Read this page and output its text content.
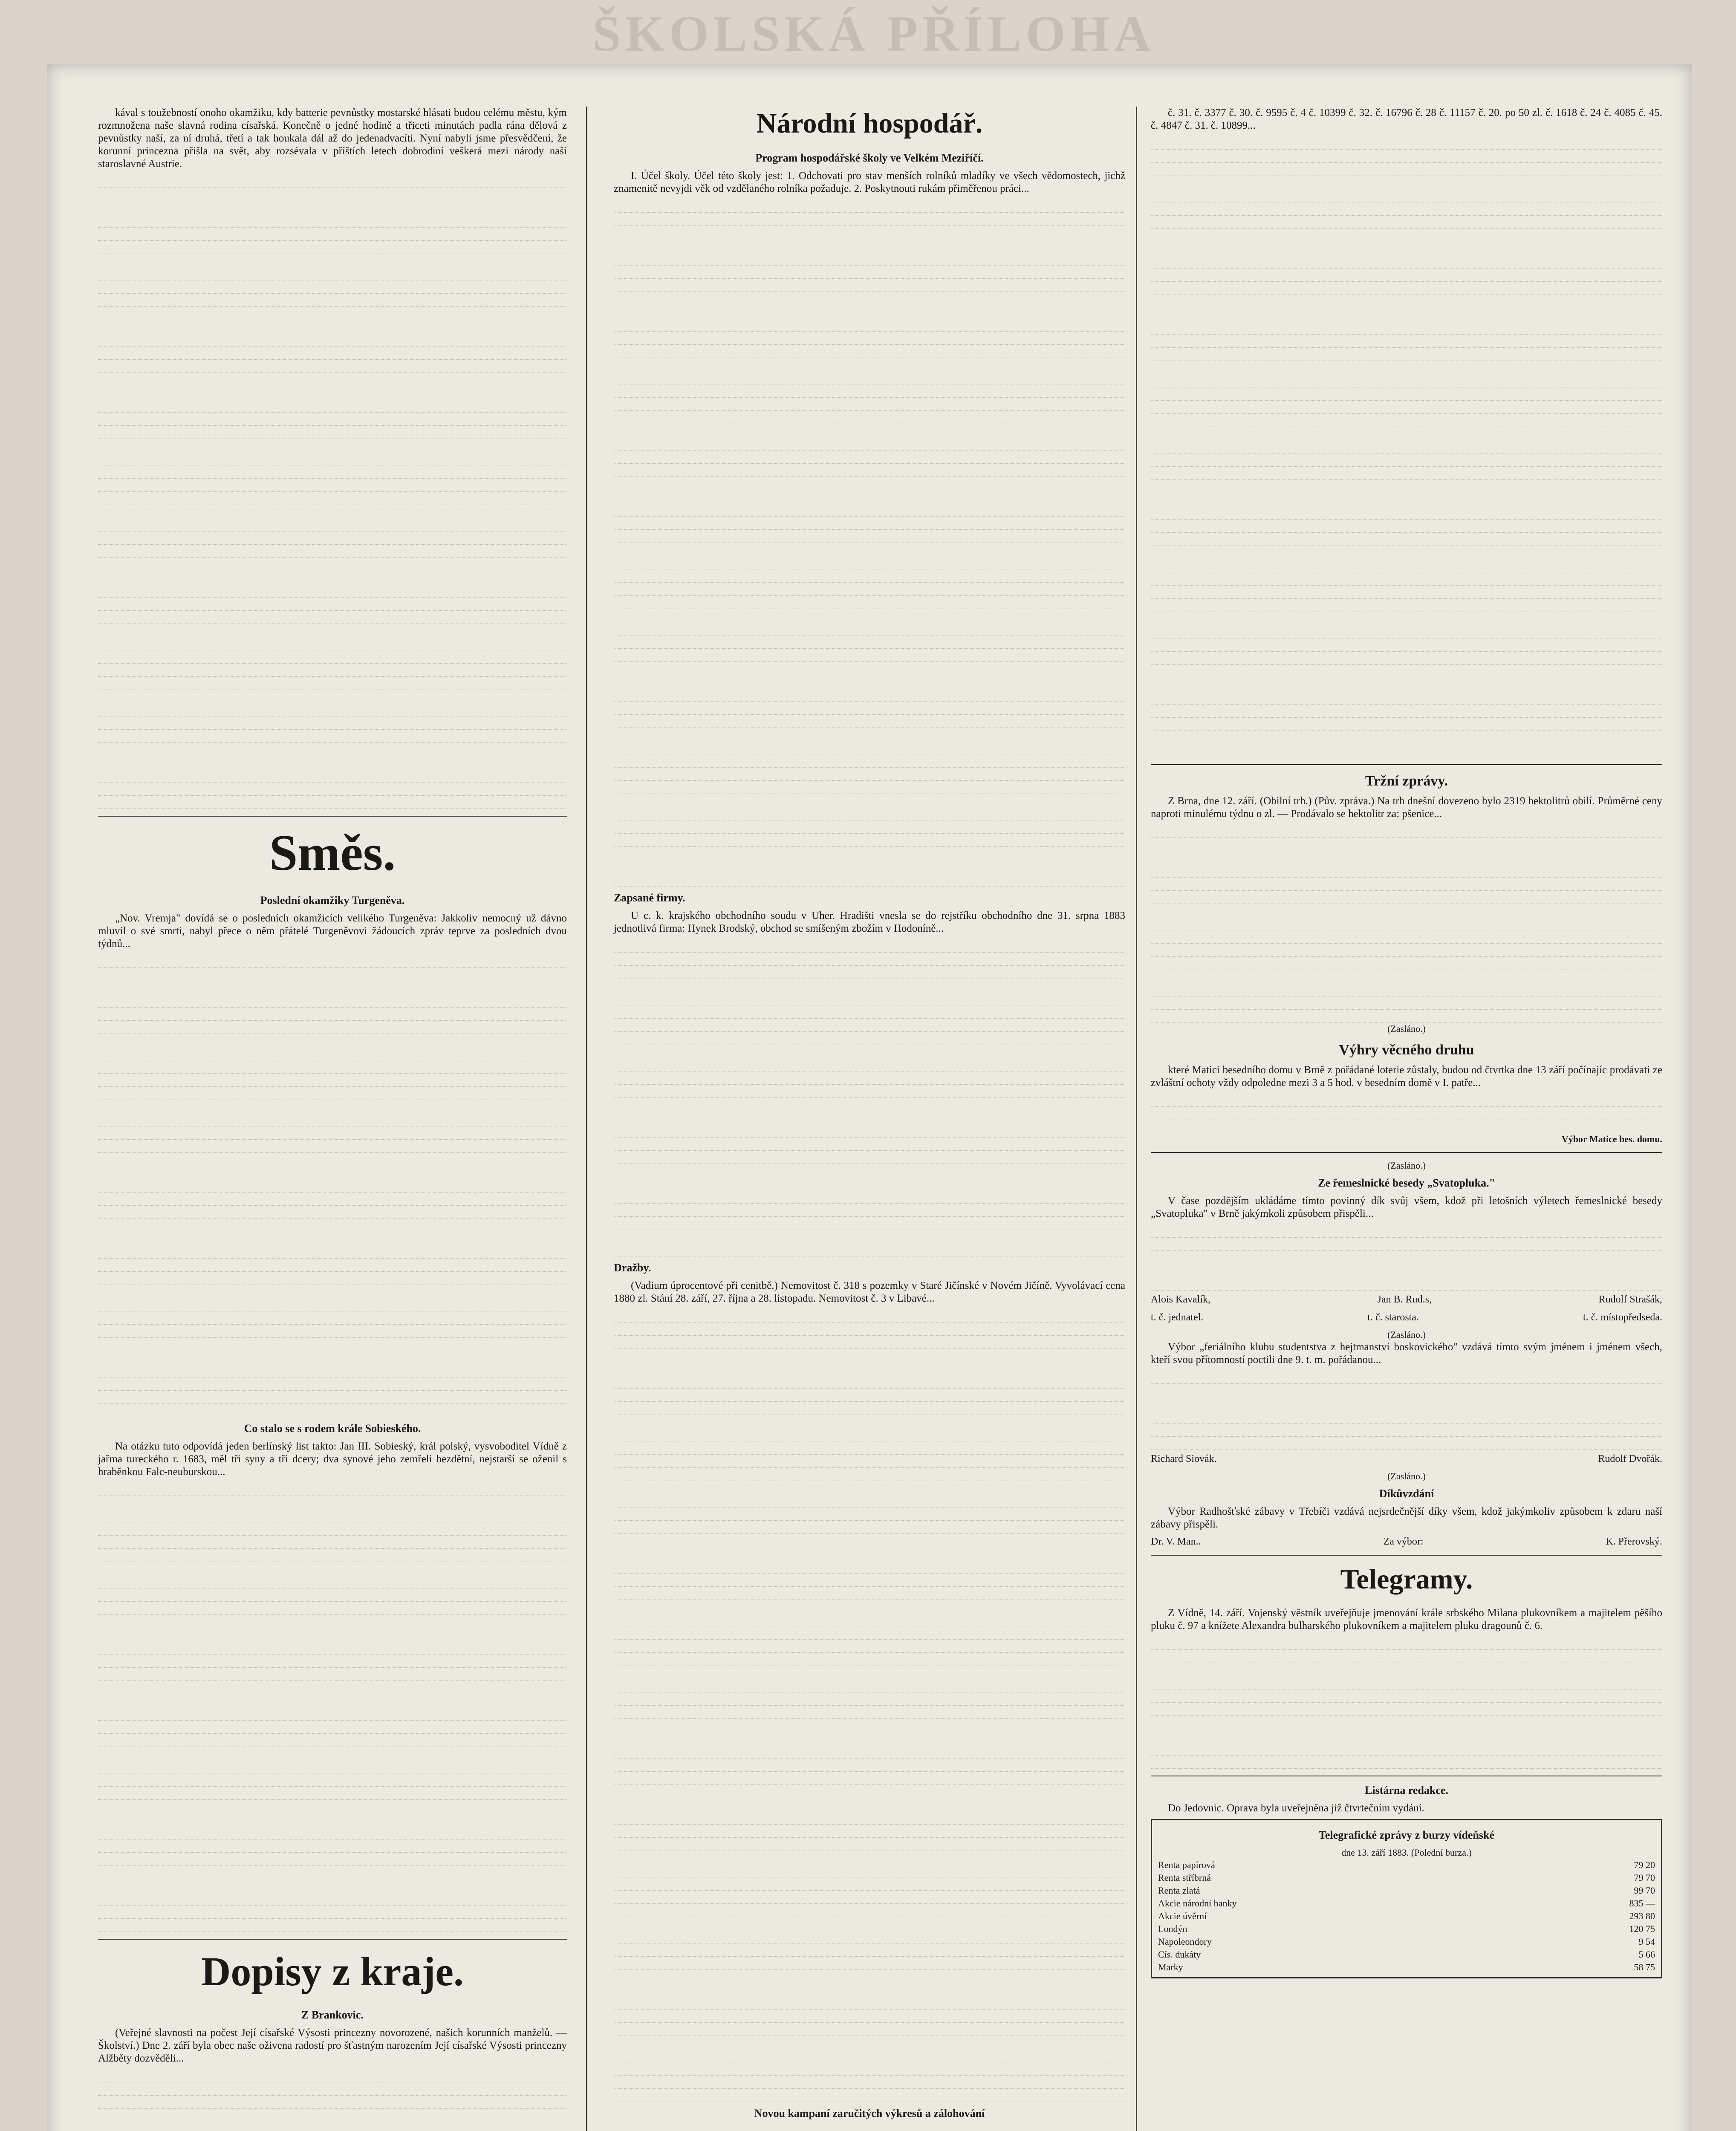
ŠKOLSKÁ PŘÍLOHA

kával s toužebností onoho okamžiku, kdy batterie pevnůstky mostarské hlásati budou celému městu, kým rozmnožena naše slavná rodina císařská. Konečně o jedné hodině a třiceti minutách padla rána dělová z pevnůstky naší, za ní druhá, třetí a tak houkala dál až do jedenadvacíti. Nyní nabyli jsme přesvědčení, že korunní princezna přišla na svět, aby rozsévala v příštích letech dobrodiní veškerá mezi národy naší staroslavné Austrie.

Směs.
Poslední okamžiky Turgeněva.

„Nov. Vremja" dovídá se o posledních okamžicích velikého Turgeněva: Jakkoliv nemocný už dávno mluvil o své smrti, nabyl přece o něm přátelé Turgeněvovi žádoucích zpráv teprve za posledních dvou týdnů...

Co stalo se s rodem krále Sobieského.

Na otázku tuto odpovídá jeden berlínský list takto: Jan III. Sobieský, král polský, vysvoboditel Vídně z jařma tureckého r. 1683, měl tři syny a tři dcery; dva synové jeho zemřeli bezdětní, nejstarší se oženil s hraběnkou Falc-neuburskou...

Dopisy z kraje.
Z Brankovic.

(Veřejné slavnosti na počest Její císařské Výsosti princezny novorozené, našich korunních manželů. — Školství.) Dne 2. září byla obec naše oživena radostí pro šťastným narozením Její císařské Výsosti princezny Alžběty dozvěděli...

Národní hospodář.
Program hospodářské školy ve Velkém Meziříčí.

I. Účel školy. Účel této školy jest: 1. Odchovati pro stav menších rolníků mladíky ve všech vědomostech, jichž znamenitě nevyjdi věk od vzdělaného rolníka požaduje. 2. Poskytnouti rukám přiměřenou práci...

Zapsané firmy.

U c. k. krajského obchodního soudu v Uher. Hradišti vnesla se do rejstříku obchodního dne 31. srpna 1883 jednotlivá firma: Hynek Brodský, obchod se smíšeným zbožím v Hodoníně...

Dražby.

(Vadium úprocentové při cenitbě.) Nemovitost č. 318 s pozemky v Staré Jičínské v Novém Jičíně. Vyvolávací cena 1880 zl. Stání 28. září, 27. října a 28. listopadu. Nemovitost č. 3 v Libavé...

Novou kampaní zaručitých výkresů a zálohování

č. 31. č. 3377 č. 30. č. 9595 č. 4 č. 10399 č. 32. č. 16796 č. 28 č. 11157 č. 20. po 50 zl. č. 1618 č. 24 č. 4085 č. 45. č. 4847 č. 31. č. 10899...

Tržní zprávy.

Z Brna, dne 12. září. (Obilní trh.) (Pův. zpráva.) Na trh dnešní dovezeno bylo 2319 hektolitrů obilí. Průměrné ceny naproti minulému týdnu o zl. — Prodávalo se hektolitr za: pšenice...

(Zasláno.)
Výhry věcného druhu

které Matici besedního domu v Brně z pořádané loterie zůstaly, budou od čtvrtka dne 13 září počínajíc prodávati ze zvláštní ochoty vždy odpoledne mezi 3 a 5 hod. v besedním domě v I. patře...

Výbor Matice bes. domu.
(Zasláno.)
Ze řemeslnické besedy „Svatopluka."

V čase pozdějším ukládáme tímto povinný dík svůj všem, kdož při letošních výletech řemeslnické besedy „Svatopluka" v Brně jakýmkoli způsobem přispěli...

Alois Kavalík,	Jan B. Rud.s,	Rudolf Strašák,
t. č. jednatel.	t. č. starosta.	t. č. místopředseda.
(Zasláno.)

Výbor „feriálního klubu studentstva z hejtmanství boskovického" vzdává tímto svým jménem i jménem všech, kteří svou přítomností poctili dne 9. t. m. pořádanou...

Richard Siovák.	Rudolf Dvořák.
(Zasláno.)
Díkůvzdání

Výbor Radhošťské zábavy v Třebíči vzdává nejsrdečnější díky všem, kdož jakýmkoliv způsobem k zdaru naší zábavy přispěli.

Dr. V. Man..	Za výbor:	K. Přerovský.
Telegramy.

Z Vídně, 14. září. Vojenský věstník uveřejňuje jmenování krále srbského Milana plukovníkem a majitelem pěšího pluku č. 97 a knížete Alexandra bulharského plukovníkem a majitelem pluku dragounů č. 6.

Listárna redakce.

Do Jedovnic. Oprava byla uveřejněna již čtvrtečním vydání.

Telegrafické zprávy z burzy vídeňské
dne 13. září 1883. (Polední burza.)
Renta papírová	79 20
Renta stříbrná	79 70
Renta zlatá	99 70
Akcie národní banky	835 —
Akcie úvěrní	293 80
Londýn	120 75
Napoleondory	9 54
Cís. dukáty	5 66
Marky	58 75
